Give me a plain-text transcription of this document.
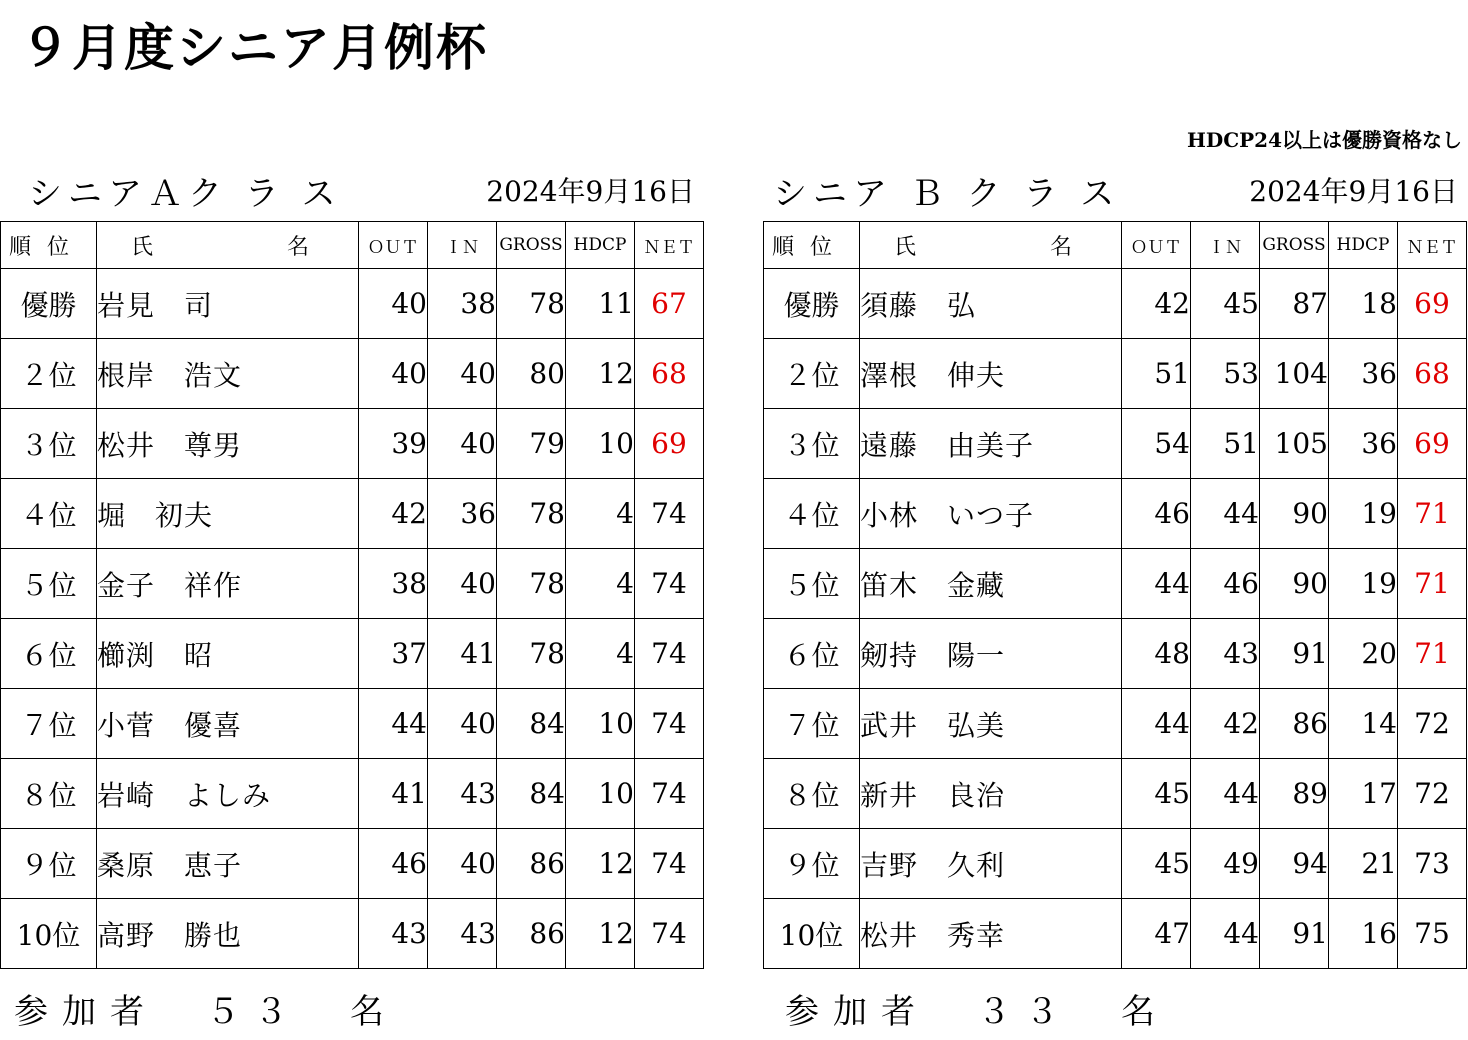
９月度シニア月例杯
HDCP24以上は優勝資格なし
シニアＡク ラ ス	2024年9月16日
順位	氏 名	ＯＵＴ	ＩＮ	GROSS	HDCP	ＮＥＴ
優勝	岩見　司	40	38	78	11	67
２位	根岸　浩文	40	40	80	12	68
３位	松井　尊男	39	40	79	10	69
４位	堀　初夫	42	36	78	4	74
５位	金子　祥作	38	40	78	4	74
６位	櫛渕　昭	37	41	78	4	74
７位	小菅　優喜	44	40	84	10	74
８位	岩崎　よしみ	41	43	84	10	74
９位	桑原　恵子	46	40	86	12	74
10位	高野　勝也	43	43	86	12	74
参加者　５３　名
シニア Ｂ ク ラ ス	2024年9月16日
順位	氏 名	ＯＵＴ	ＩＮ	GROSS	HDCP	ＮＥＴ
優勝	須藤　弘	42	45	87	18	69
２位	澤根　伸夫	51	53	104	36	68
３位	遠藤　由美子	54	51	105	36	69
４位	小林　いつ子	46	44	90	19	71
５位	笛木　金藏	44	46	90	19	71
６位	剱持　陽一	48	43	91	20	71
７位	武井　弘美	44	42	86	14	72
８位	新井　良治	45	44	89	17	72
９位	吉野　久利	45	49	94	21	73
10位	松井　秀幸	47	44	91	16	75
参加者　３３　名
